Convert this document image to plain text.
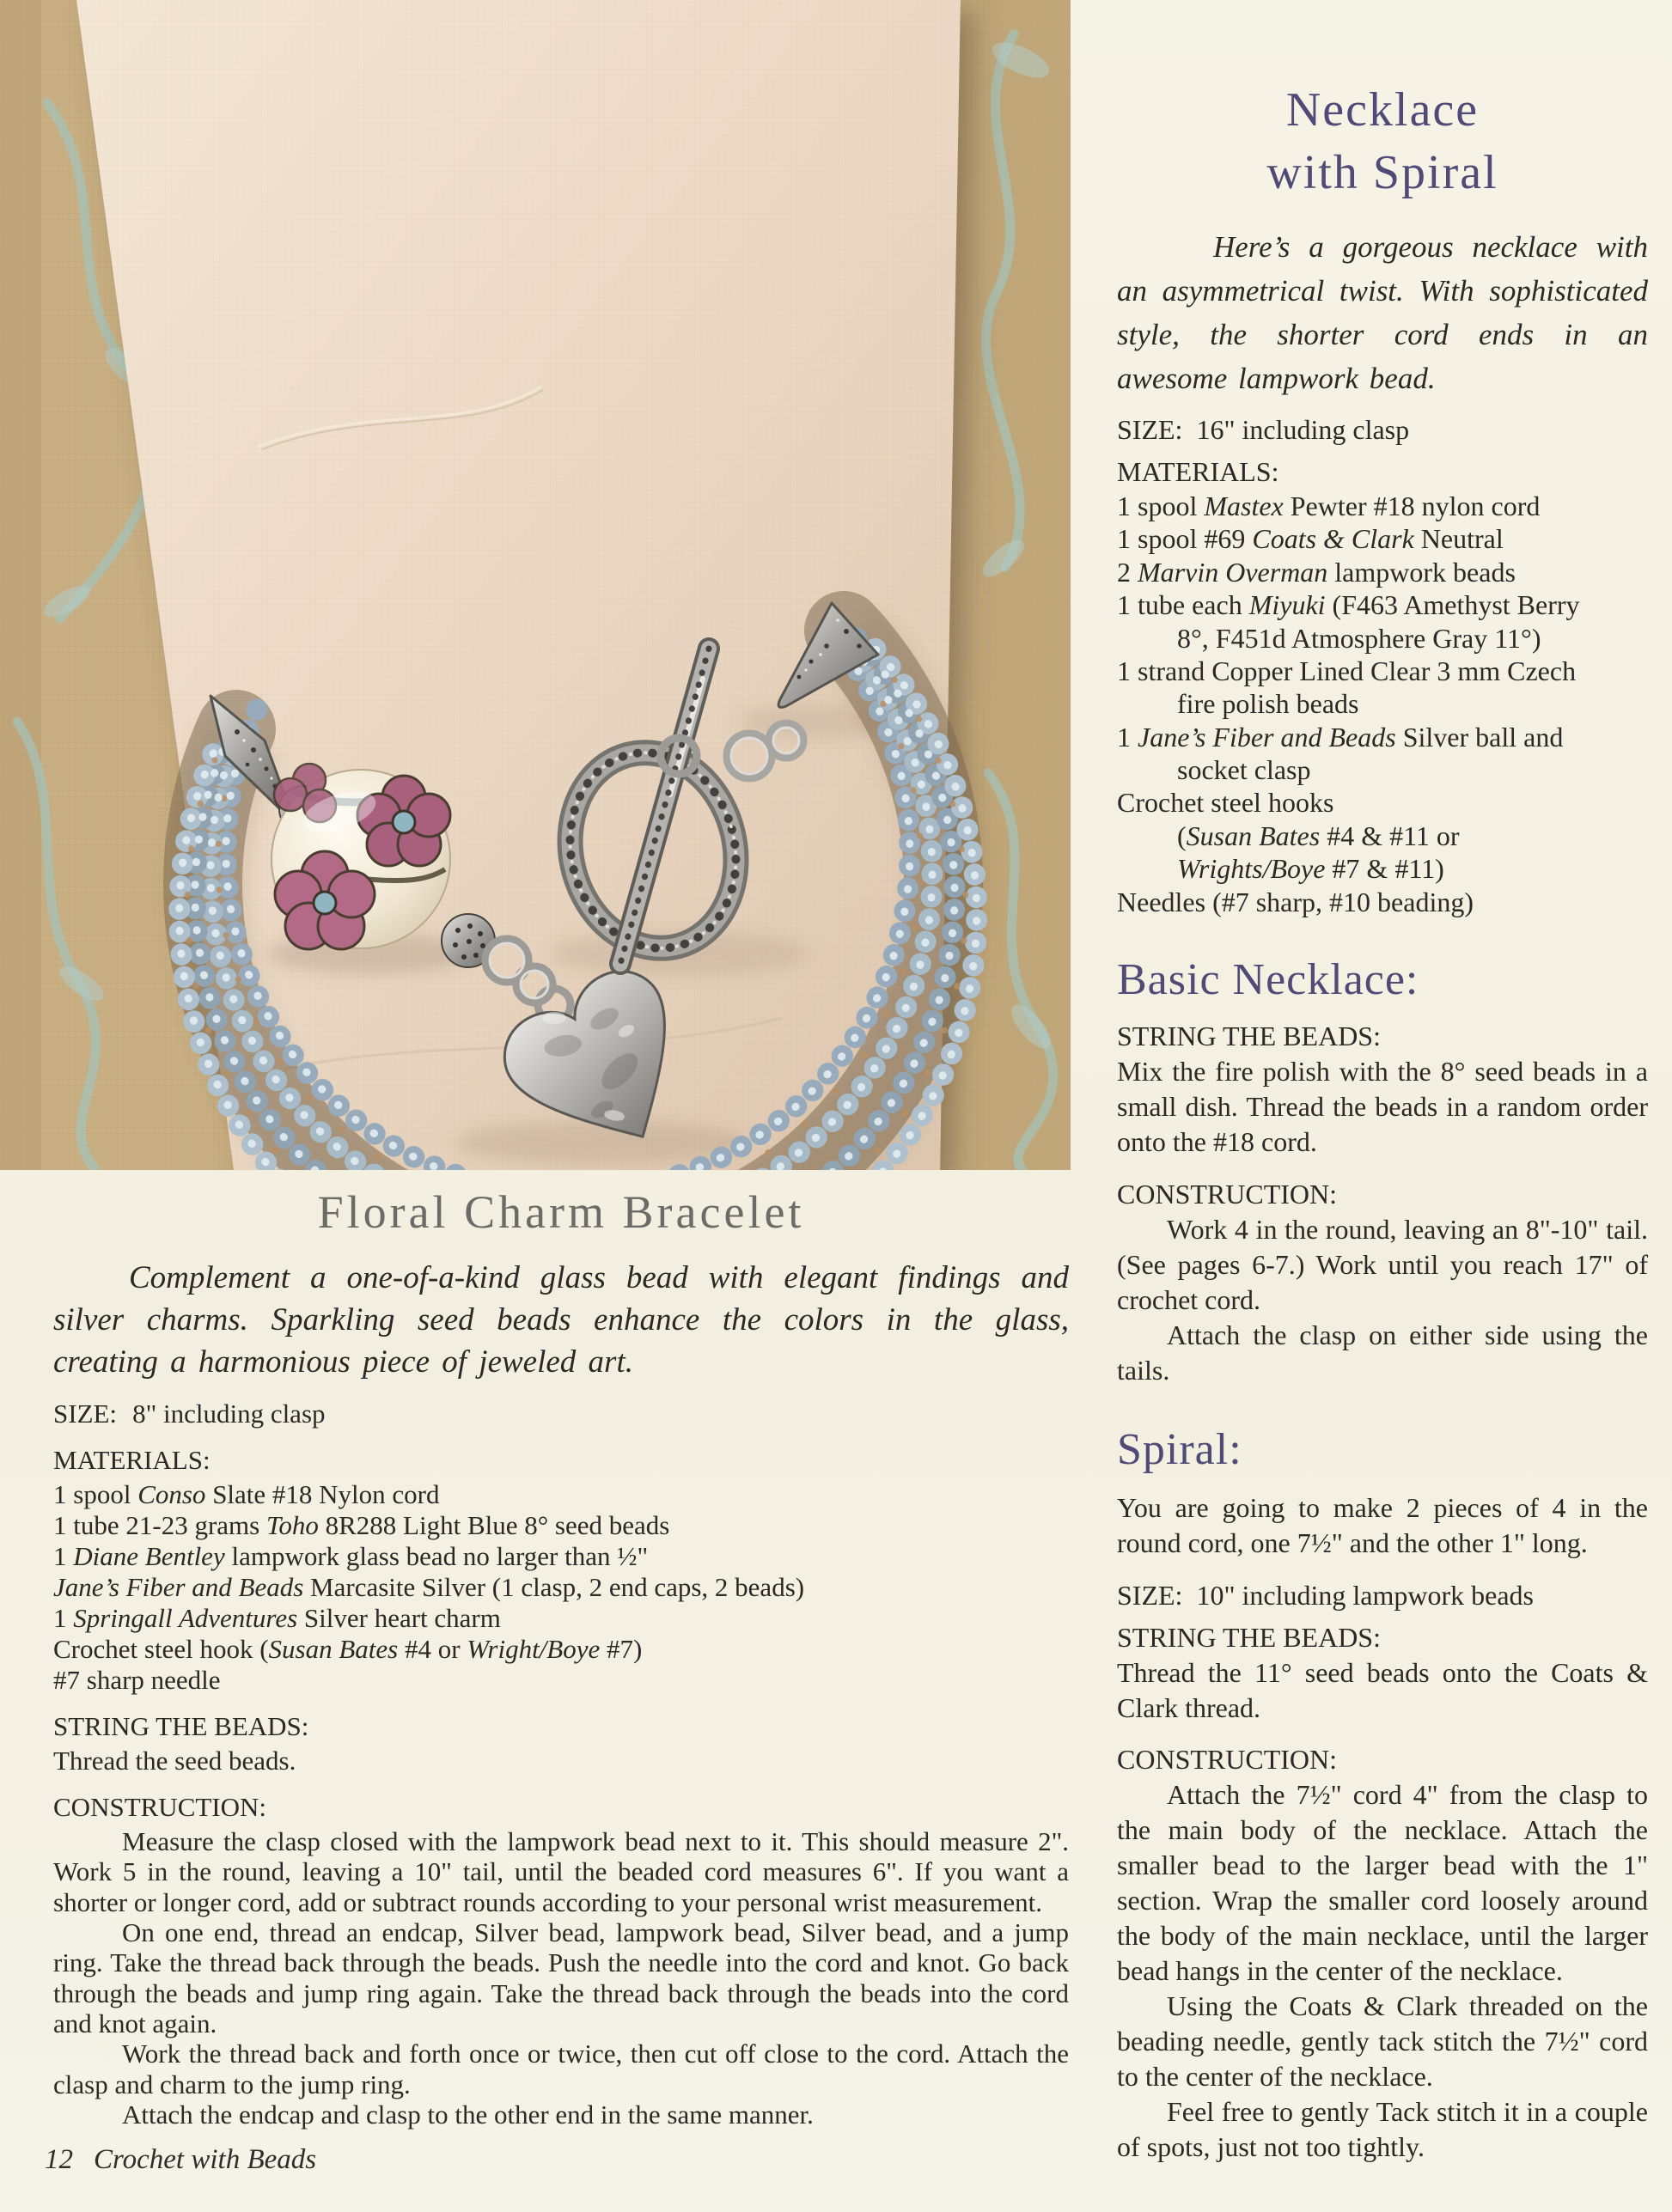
Floral Charm Bracelet

Complement a one-of-a-kind glass bead with elegant findings and silver charms. Sparkling seed beads enhance the colors in the glass, creating a harmonious piece of jeweled art.

SIZE: 8" including clasp

MATERIALS:

1 spool Conso Slate #18 Nylon cord
1 tube 21-23 grams Toho 8R288 Light Blue 8° seed beads
1 Diane Bentley lampwork glass bead no larger than ½"
Jane’s Fiber and Beads Marcasite Silver (1 clasp, 2 end caps, 2 beads)
1 Springall Adventures Silver heart charm
Crochet steel hook (Susan Bates #4 or Wright/Boye #7)
#7 sharp needle

STRING THE BEADS:

Thread the seed beads.

CONSTRUCTION:

Measure the clasp closed with the lampwork bead next to it. This should measure 2". Work 5 in the round, leaving a 10" tail, until the beaded cord measures 6". If you want a shorter or longer cord, add or subtract rounds according to your personal wrist measurement.

On one end, thread an endcap, Silver bead, lampwork bead, Silver bead, and a jump ring. Take the thread back through the beads. Push the needle into the cord and knot. Go back through the beads and jump ring again. Take the thread back through the beads into the cord and knot again.

Work the thread back and forth once or twice, then cut off close to the cord. Attach the clasp and charm to the jump ring.

Attach the endcap and clasp to the other end in the same manner.

Necklace
with Spiral

Here’s a gorgeous necklace with an asymmetrical twist. With sophisticated style, the shorter cord ends in an awesome lampwork bead.

SIZE: 16" including clasp

MATERIALS:

1 spool Mastex Pewter #18 nylon cord
1 spool #69 Coats & Clark Neutral
2 Marvin Overman lampwork beads
1 tube each Miyuki (F463 Amethyst Berry
8°, F451d Atmosphere Gray 11°)
1 strand Copper Lined Clear 3 mm Czech
fire polish beads
1 Jane’s Fiber and Beads Silver ball and
socket clasp
Crochet steel hooks
(Susan Bates #4 & #11 or
Wrights/Boye #7 & #11)
Needles (#7 sharp, #10 beading)
Basic Necklace:

STRING THE BEADS:

Mix the fire polish with the 8° seed beads in a small dish. Thread the beads in a random order onto the #18 cord.

CONSTRUCTION:

Work 4 in the round, leaving an 8"-10" tail. (See pages 6-7.) Work until you reach 17" of crochet cord.

Attach the clasp on either side using the tails.

Spiral:

You are going to make 2 pieces of 4 in the round cord, one 7½" and the other 1" long.

SIZE: 10" including lampwork beads

STRING THE BEADS:

Thread the 11° seed beads onto the Coats & Clark thread.

CONSTRUCTION:

Attach the 7½" cord 4" from the clasp to the main body of the necklace. Attach the smaller bead to the larger bead with the 1" section. Wrap the smaller cord loosely around the body of the main necklace, until the larger bead hangs in the center of the necklace.

Using the Coats & Clark threaded on the beading needle, gently tack stitch the 7½" cord to the center of the necklace.

Feel free to gently Tack stitch it in a couple of spots, just not too tightly.

12 Crochet with Beads
